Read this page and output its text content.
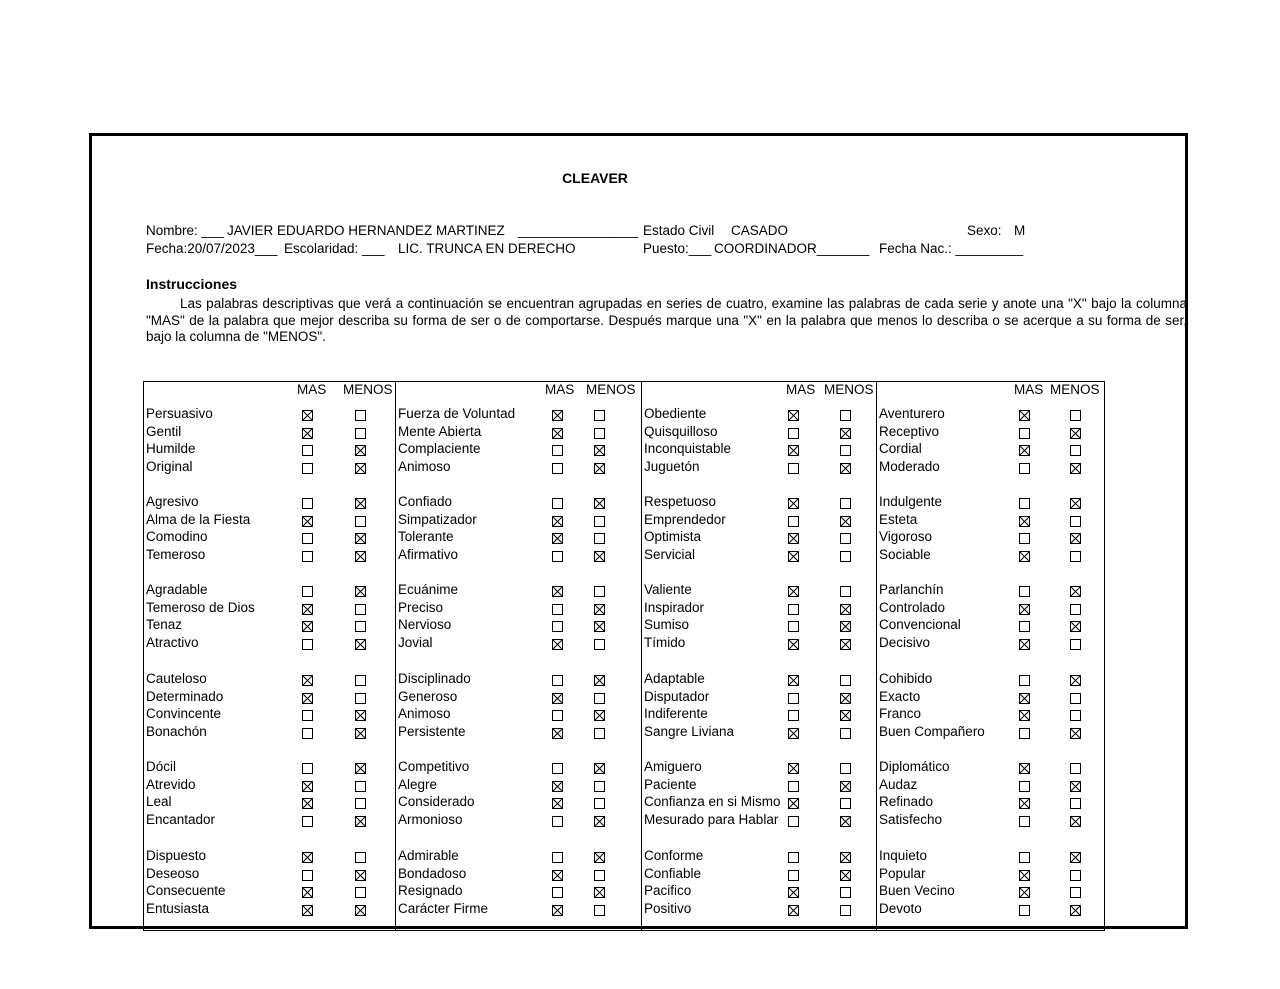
CLEAVER
Nombre: ___ JAVIER EDUARDO HERNANDEZ MARTINEZ ________________ Estado Civil CASADO	Sexo: M
Fecha:20/07/2023___ Escolaridad: ___ LIC. TRUNCA EN DERECHO	Puesto:___ COORDINADOR_______ Fecha Nac.: _________
Instrucciones
Las palabras descriptivas que verá a continuación se encuentran agrupadas en series de cuatro, examine las palabras de cada serie y anote una "X" bajo la columna "MAS" de la palabra que mejor describa su forma de ser o de comportarse. Después marque una "X" en la palabra que menos lo describa o se acerque a su forma de ser, bajo la columna de "MENOS".
MAS MENOS
Persuasivo
Gentil
Humilde
Original
Agresivo
Alma de la Fiesta
Comodino
Temeroso
Agradable
Temeroso de Dios
Tenaz
Atractivo
Cauteloso
Determinado
Convincente
Bonachón
Dócil
Atrevido
Leal
Encantador
Dispuesto
Deseoso
Consecuente
Entusiasta
MAS MENOS
Fuerza de Voluntad
Mente Abierta
Complaciente
Animoso
Confiado
Simpatizador
Tolerante
Afirmativo
Ecuánime
Preciso
Nervioso
Jovial
Disciplinado
Generoso
Animoso
Persistente
Competitivo
Alegre
Considerado
Armonioso
Admirable
Bondadoso
Resignado
Carácter Firme
MAS MENOS
Obediente
Quisquilloso
Inconquistable
Juguetón
Respetuoso
Emprendedor
Optimista
Servicial
Valiente
Inspirador
Sumiso
Tímido
Adaptable
Disputador
Indiferente
Sangre Liviana
Amiguero
Paciente
Confianza en si Mismo
Mesurado para Hablar
Conforme
Confiable
Pacifico
Positivo
MAS MENOS
Aventurero
Receptivo
Cordial
Moderado
Indulgente
Esteta
Vigoroso
Sociable
Parlanchín
Controlado
Convencional
Decisivo
Cohibido
Exacto
Franco
Buen Compañero
Diplomático
Audaz
Refinado
Satisfecho
Inquieto
Popular
Buen Vecino
Devoto
